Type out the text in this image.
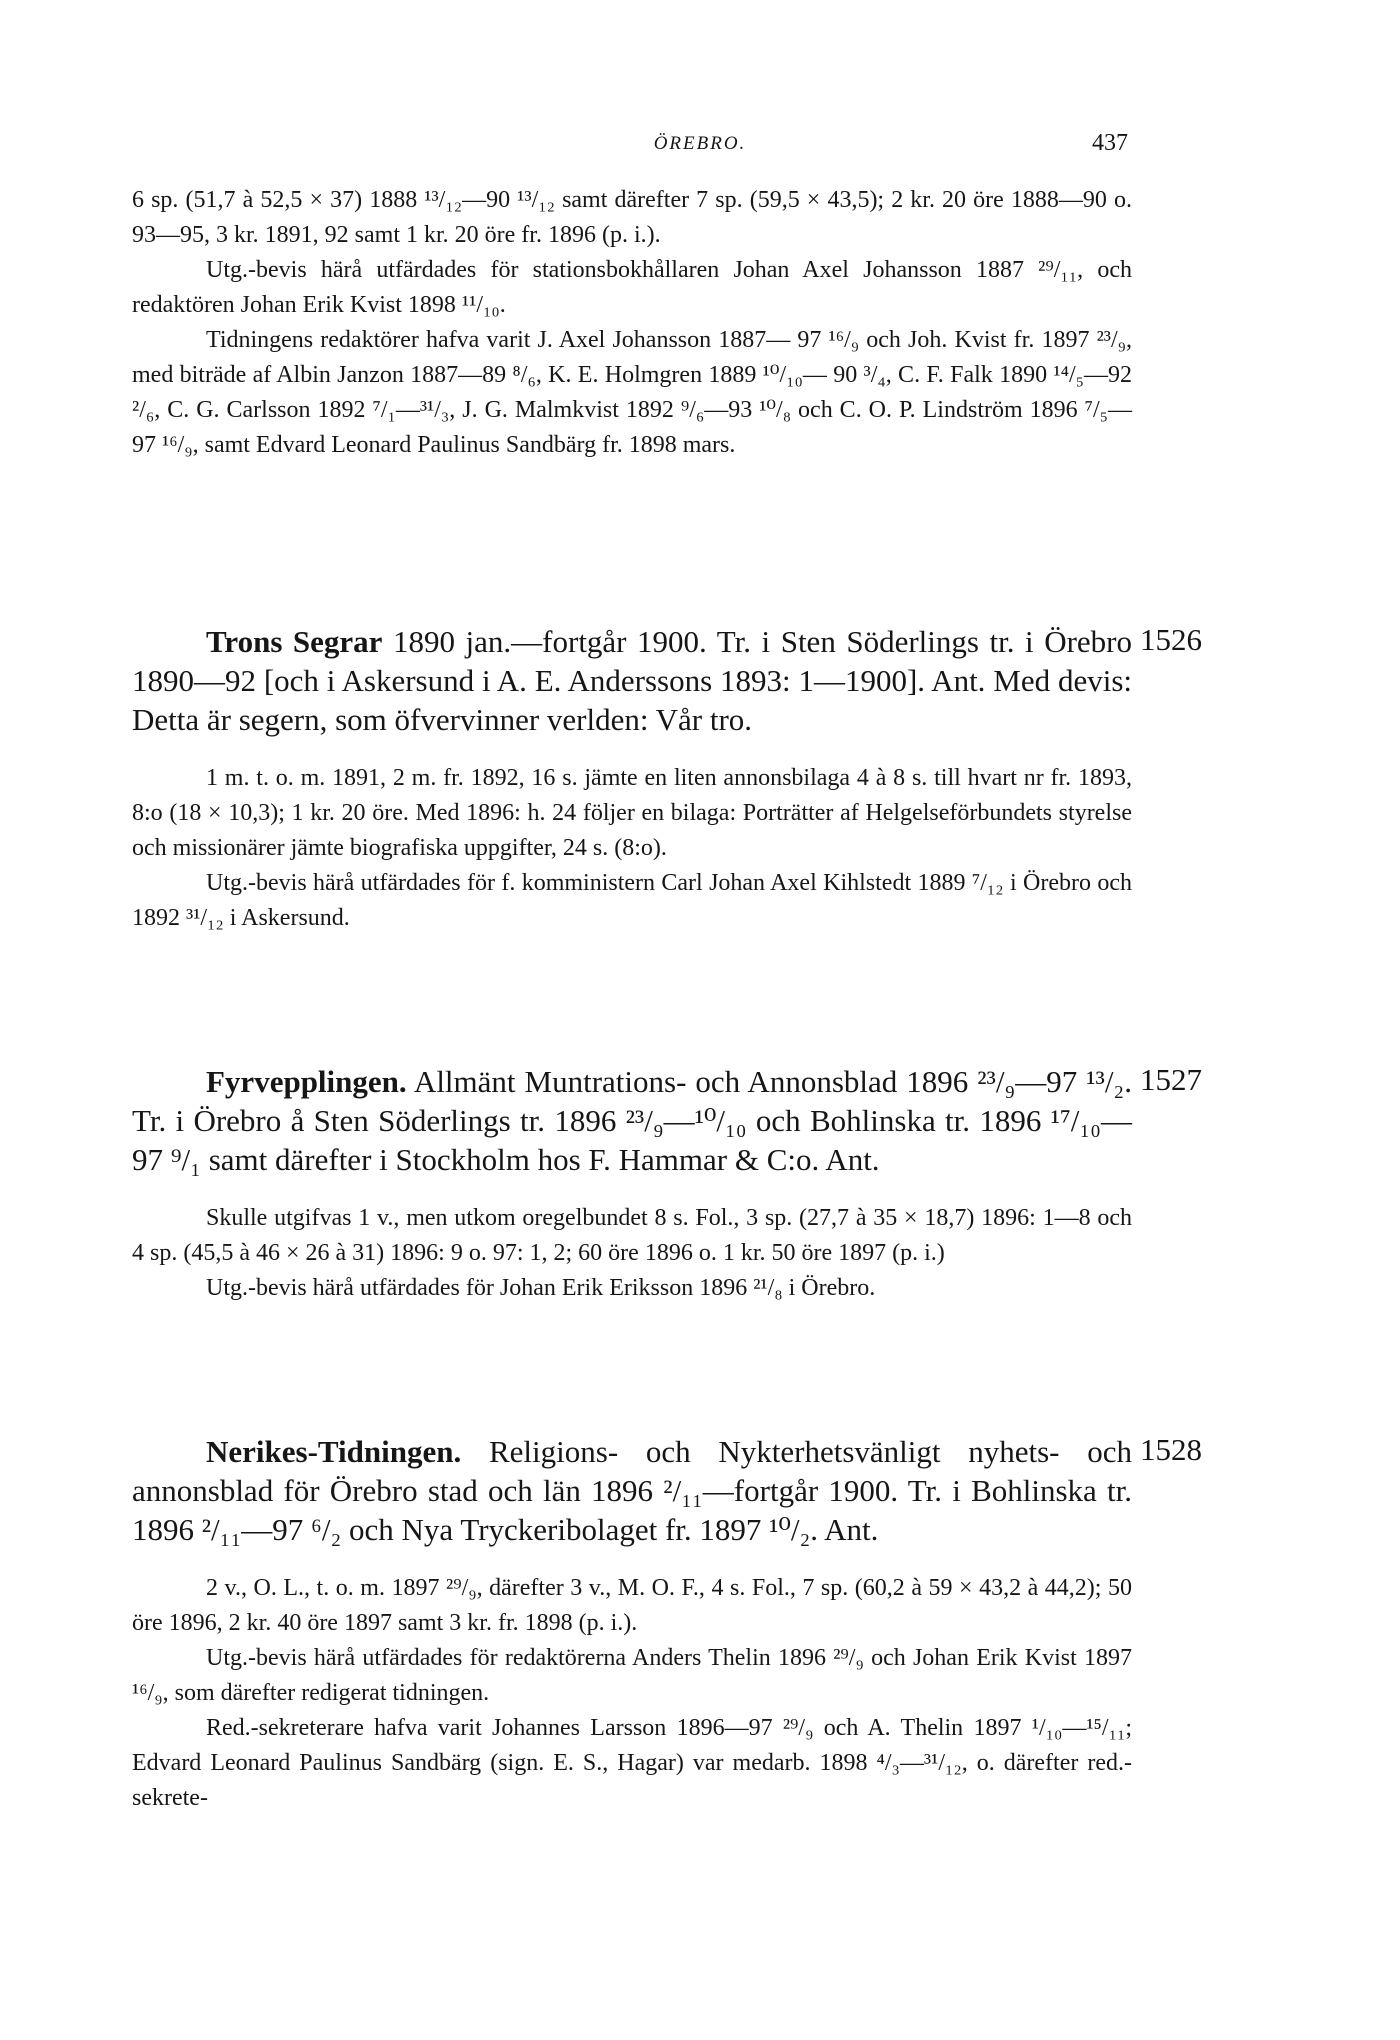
ÖREBRO.	437

6 sp. (51,7 à 52,5 × 37) 1888 ¹³/₁₂—90 ¹³/₁₂ samt därefter 7 sp. (59,5 × 43,5); 2 kr. 20 öre 1888—90 o. 93—95, 3 kr. 1891, 92 samt 1 kr. 20 öre fr. 1896 (p. i.).

Utg.-bevis härå utfärdades för stationsbokhållaren Johan Axel Johansson 1887 ²⁹/₁₁, och redaktören Johan Erik Kvist 1898 ¹¹/₁₀.

Tidningens redaktörer hafva varit J. Axel Johansson 1887— 97 ¹⁶/₉ och Joh. Kvist fr. 1897 ²³/₉, med biträde af Albin Janzon 1887—89 ⁸/₆, K. E. Holmgren 1889 ¹⁰/₁₀— 90 ³/₄, C. F. Falk 1890 ¹⁴/₅—92 ²/₆, C. G. Carlsson 1892 ⁷/₁—³¹/₃, J. G. Malmkvist 1892 ⁹/₆—93 ¹⁰/₈ och C. O. P. Lindström 1896 ⁷/₅—97 ¹⁶/₉, samt Edvard Leonard Paulinus Sandbärg fr. 1898 mars.

1526

Trons Segrar 1890 jan.—fortgår 1900. Tr. i Sten Söderlings tr. i Örebro 1890—92 [och i Askersund i A. E. Anderssons 1893: 1—1900]. Ant. Med devis: Detta är segern, som öfvervinner verlden: Vår tro.

1 m. t. o. m. 1891, 2 m. fr. 1892, 16 s. jämte en liten annonsbilaga 4 à 8 s. till hvart nr fr. 1893, 8:o (18 × 10,3); 1 kr. 20 öre. Med 1896: h. 24 följer en bilaga: Porträtter af Helgelseförbundets styrelse och missionärer jämte biografiska uppgifter, 24 s. (8:o).

Utg.-bevis härå utfärdades för f. komministern Carl Johan Axel Kihlstedt 1889 ⁷/₁₂ i Örebro och 1892 ³¹/₁₂ i Askersund.

1527

Fyrvepplingen. Allmänt Muntrations- och Annonsblad 1896 ²³/₉—97 ¹³/₂. Tr. i Örebro å Sten Söderlings tr. 1896 ²³/₉—¹⁰/₁₀ och Bohlinska tr. 1896 ¹⁷/₁₀—97 ⁹/₁ samt därefter i Stockholm hos F. Hammar & C:o. Ant.

Skulle utgifvas 1 v., men utkom oregelbundet 8 s. Fol., 3 sp. (27,7 à 35 × 18,7) 1896: 1—8 och 4 sp. (45,5 à 46 × 26 à 31) 1896: 9 o. 97: 1, 2; 60 öre 1896 o. 1 kr. 50 öre 1897 (p. i.)

Utg.-bevis härå utfärdades för Johan Erik Eriksson 1896 ²¹/₈ i Örebro.

1528

Nerikes-Tidningen. Religions- och Nykterhetsvänligt nyhets- och annonsblad för Örebro stad och län 1896 ²/₁₁—fortgår 1900. Tr. i Bohlinska tr. 1896 ²/₁₁—97 ⁶/₂ och Nya Tryckeribolaget fr. 1897 ¹⁰/₂. Ant.

2 v., O. L., t. o. m. 1897 ²⁹/₉, därefter 3 v., M. O. F., 4 s. Fol., 7 sp. (60,2 à 59 × 43,2 à 44,2); 50 öre 1896, 2 kr. 40 öre 1897 samt 3 kr. fr. 1898 (p. i.).

Utg.-bevis härå utfärdades för redaktörerna Anders Thelin 1896 ²⁹/₉ och Johan Erik Kvist 1897 ¹⁶/₉, som därefter redigerat tidningen.

Red.-sekreterare hafva varit Johannes Larsson 1896—97 ²⁹/₉ och A. Thelin 1897 ¹/₁₀—¹⁵/₁₁; Edvard Leonard Paulinus Sandbärg (sign. E. S., Hagar) var medarb. 1898 ⁴/₃—³¹/₁₂, o. därefter red.-sekrete-
